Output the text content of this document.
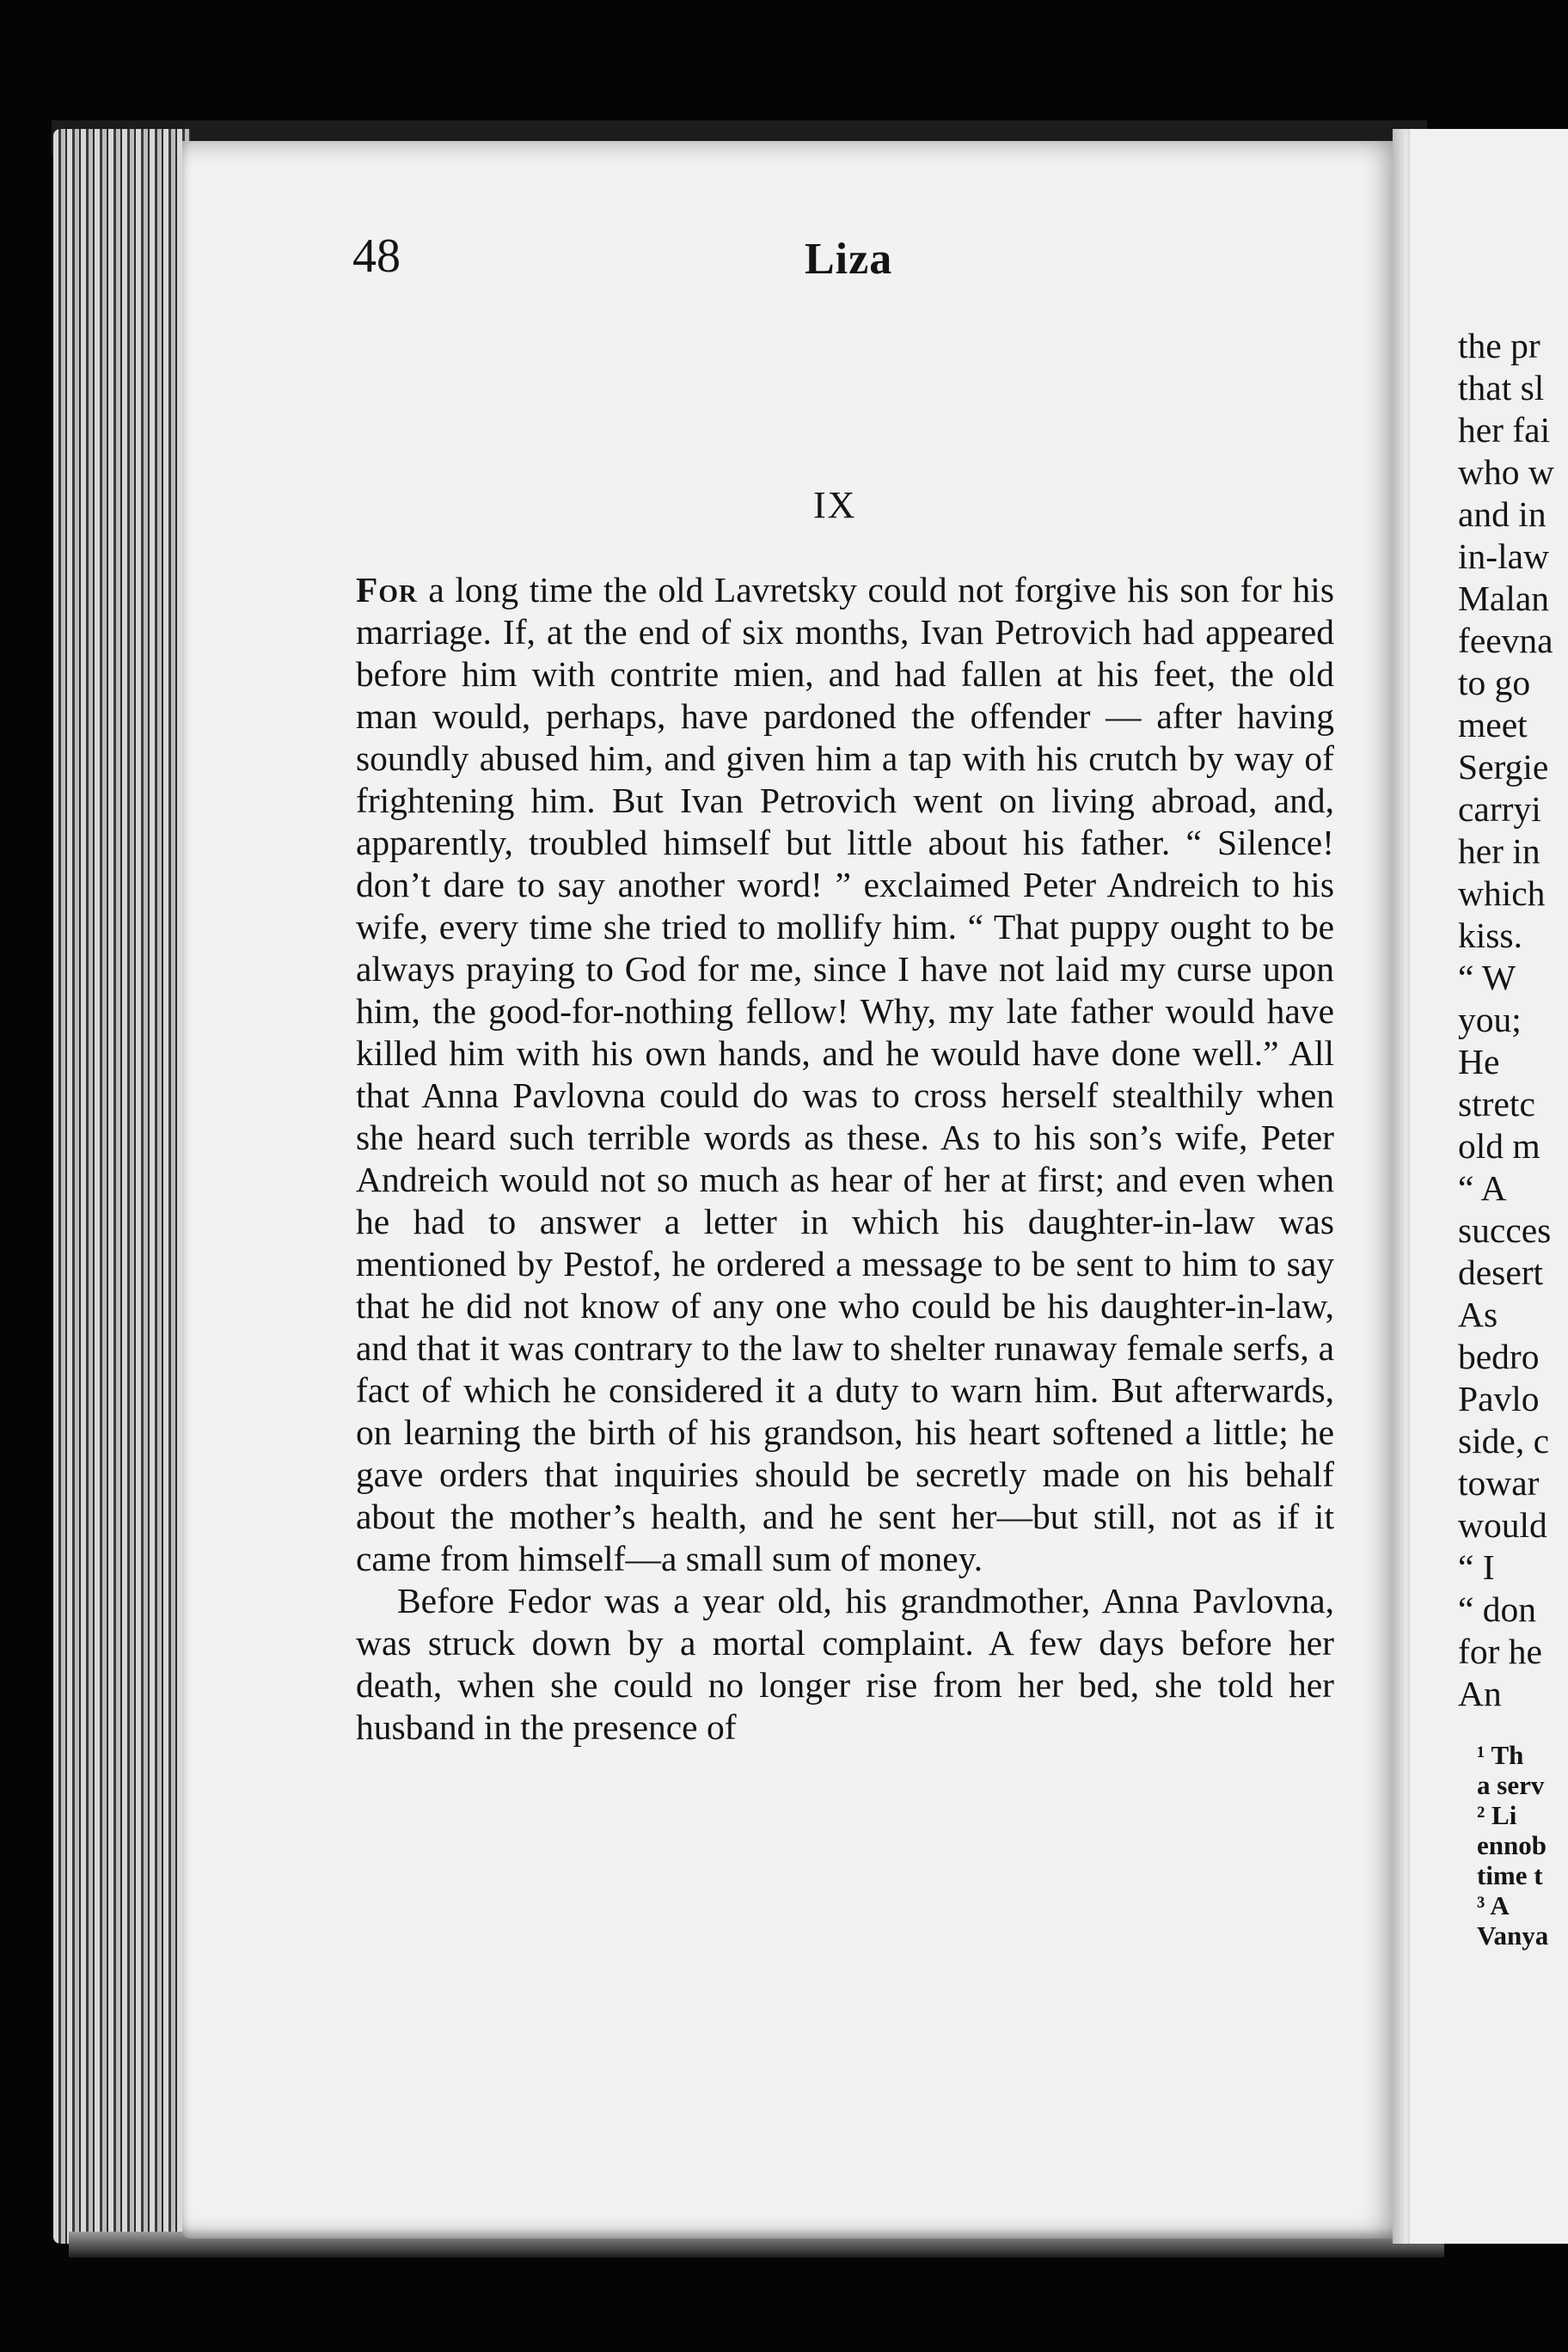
48	Liza
IX

For a long time the old Lavretsky could not forgive his son for his marriage. If, at the end of six months, Ivan Petrovich had appeared before him with contrite mien, and had fallen at his feet, the old man would, perhaps, have pardoned the offender — after having soundly abused him, and given him a tap with his crutch by way of frightening him. But Ivan Petrovich went on living abroad, and, apparently, troubled himself but little about his father. “ Silence! don’t dare to say another word! ” exclaimed Peter Andreich to his wife, every time she tried to mollify him. “ That puppy ought to be always praying to God for me, since I have not laid my curse upon him, the good-for-nothing fellow! Why, my late father would have killed him with his own hands, and he would have done well.” All that Anna Pavlovna could do was to cross herself stealthily when she heard such terrible words as these. As to his son’s wife, Peter Andreich would not so much as hear of her at first; and even when he had to answer a letter in which his daughter-in-law was mentioned by Pestof, he ordered a message to be sent to him to say that he did not know of any one who could be his daughter-in-law, and that it was contrary to the law to shelter runaway female serfs, a fact of which he considered it a duty to warn him. But afterwards, on learning the birth of his grandson, his heart softened a little; he gave orders that inquiries should be secretly made on his behalf about the mother’s health, and he sent her—but still, not as if it came from himself—a small sum of money.

Before Fedor was a year old, his grandmother, Anna Pavlovna, was struck down by a mortal complaint. A few days before her death, when she could no longer rise from her bed, she told her husband in the presence of

the pr
that sl
her fai
who w
and in
in-law
Malan
feevna
to go
meet
Sergie
carryi
her in
which
kiss.
“ W
you;
He
stretc
old m
“ A
succes
desert
As
bedro
Pavlo
side, c
towar
would
“ I
“ don
for he
An
¹ Th
a serv
² Li
ennob
time t
³ A
Vanya
